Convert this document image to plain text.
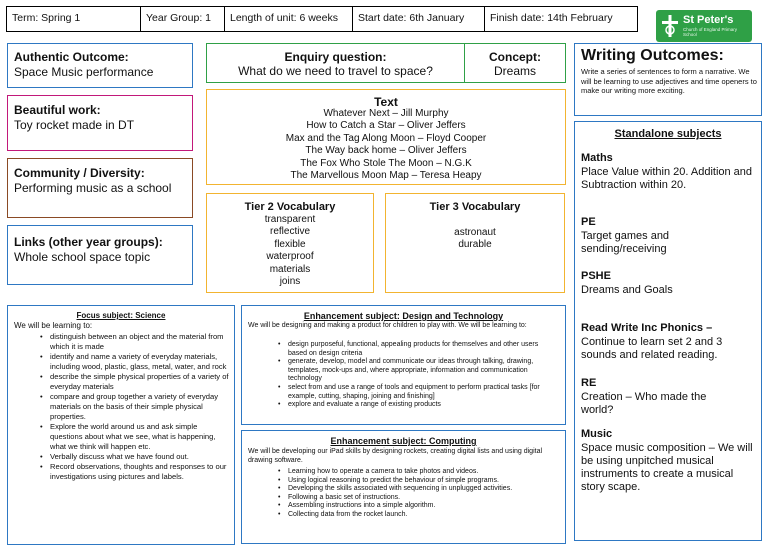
Term: Spring 1	Year Group: 1	Length of unit: 6 weeks	Start date: 6th January	Finish date: 14th February	St Peter's
Church of England Primary School
Authentic Outcome:
Space Music performance
Beautiful work:
Toy rocket made in DT
Community / Diversity:
Performing music as a school
Links (other year groups):
Whole school space topic
Enquiry question:
What do we need to travel to space?
Concept:
Dreams
Text
Whatever Next – Jill Murphy
How to Catch a Star – Oliver Jeffers
Max and the Tag Along Moon – Floyd Cooper
The Way back home – Oliver Jeffers
The Fox Who Stole The Moon – N.G.K
The Marvellous Moon Map – Teresa Heapy
Tier 2 Vocabulary
transparent
reflective
flexible
waterproof
materials
joins
Tier 3 Vocabulary
astronaut
durable
Writing Outcomes:
Write a series of sentences to form a narrative. We will be learning to use adjectives and time openers to make our writing more exciting.
Standalone subjects
Maths
Place Value within 20. Addition and Subtraction within 20.
PE
Target games and sending/receiving
PSHE
Dreams and Goals
Read Write Inc Phonics –
Continue to learn set 2 and 3 sounds and related reading.
RE
Creation – Who made the world?
Music
Space music composition – We will be using unpitched musical instruments to create a musical story scape.
Focus subject: Science
We will be learning to:
• distinguish between an object and the material from which it is made
• identify and name a variety of everyday materials, including wood, plastic, glass, metal, water, and rock
• describe the simple physical properties of a variety of everyday materials
• compare and group together a variety of everyday materials on the basis of their simple physical properties.
• Explore the world around us and ask simple questions about what we see, what is happening, what we think will happen etc.
• Verbally discuss what we have found out.
• Record observations, thoughts and responses to our investigations using pictures and labels.
Enhancement subject: Design and Technology
We will be designing and making a product for children to play with. We will be learning to:
• design purposeful, functional, appealing products for themselves and other users based on design criteria
• generate, develop, model and communicate our ideas through talking, drawing, templates, mock-ups and, where appropriate, information and communication technology
• select from and use a range of tools and equipment to perform practical tasks [for example, cutting, shaping, joining and finishing]
• explore and evaluate a range of existing products
Enhancement subject: Computing
We will be developing our iPad skills by designing rockets, creating digital lists and using digital drawing software.
• Learning how to operate a camera to take photos and videos.
• Using logical reasoning to predict the behaviour of simple programs.
• Developing the skills associated with sequencing in unplugged activities.
• Following a basic set of instructions.
• Assembling instructions into a simple algorithm.
• Collecting data from the rocket launch.
